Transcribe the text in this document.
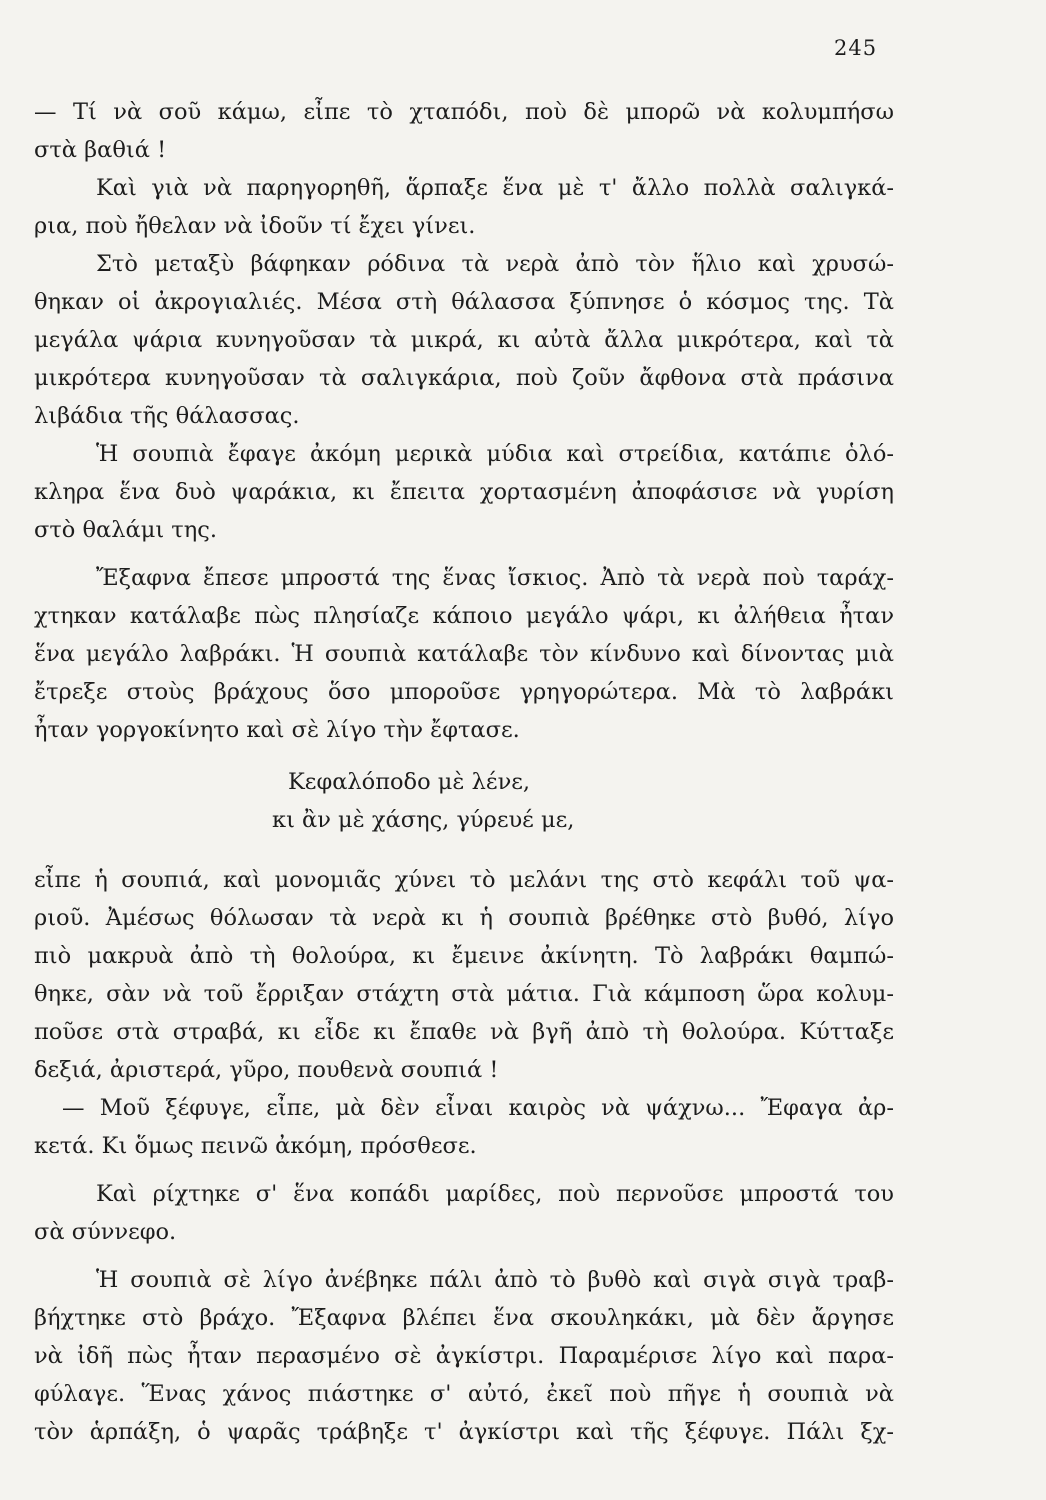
245
— Τί νὰ σοῦ κάμω, εἶπε τὸ χταπόδι, ποὺ δὲ μπορῶ νὰ κολυμπήσω
στὰ βαθιά !
Καὶ γιὰ νὰ παρηγορηθῆ, ἅρπαξε ἕνα μὲ τ' ἄλλο πολλὰ σαλιγκά-
ρια, ποὺ ἤθελαν νὰ ἰδοῦν τί ἔχει γίνει.
Στὸ μεταξὺ βάφηκαν ρόδινα τὰ νερὰ ἀπὸ τὸν ἥλιο καὶ χρυσώ-
θηκαν οἱ ἀκρογιαλιές. Μέσα στὴ θάλασσα ξύπνησε ὁ κόσμος της. Τὰ
μεγάλα ψάρια κυνηγοῦσαν τὰ μικρά, κι αὐτὰ ἄλλα μικρότερα, καὶ τὰ
μικρότερα κυνηγοῦσαν τὰ σαλιγκάρια, ποὺ ζοῦν ἄφθονα στὰ πράσινα
λιβάδια τῆς θάλασσας.
Ἡ σουπιὰ ἔφαγε ἀκόμη μερικὰ μύδια καὶ στρείδια, κατάπιε ὁλό-
κληρα ἕνα δυὸ ψαράκια, κι ἔπειτα χορτασμένη ἀποφάσισε νὰ γυρίση
στὸ θαλάμι της.
Ἔξαφνα ἔπεσε μπροστά της ἕνας ἴσκιος. Ἀπὸ τὰ νερὰ ποὺ ταράχ-
χτηκαν κατάλαβε πὼς πλησίαζε κάποιο μεγάλο ψάρι, κι ἀλήθεια ἦταν
ἕνα μεγάλο λαβράκι. Ἡ σουπιὰ κατάλαβε τὸν κίνδυνο καὶ δίνοντας μιὰ
ἔτρεξε στοὺς βράχους ὅσο μποροῦσε γρηγορώτερα. Μὰ τὸ λαβράκι
ἦταν γοργοκίνητο καὶ σὲ λίγο τὴν ἔφτασε.
Κεφαλόποδο μὲ λένε,
κι ἂν μὲ χάσης, γύρευέ με,
εἶπε ἡ σουπιά, καὶ μονομιᾶς χύνει τὸ μελάνι της στὸ κεφάλι τοῦ ψα-
ριοῦ. Ἀμέσως θόλωσαν τὰ νερὰ κι ἡ σουπιὰ βρέθηκε στὸ βυθό, λίγο
πιὸ μακρυὰ ἀπὸ τὴ θολούρα, κι ἔμεινε ἀκίνητη. Τὸ λαβράκι θαμπώ-
θηκε, σὰν νὰ τοῦ ἔρριξαν στάχτη στὰ μάτια. Γιὰ κάμποση ὥρα κολυμ-
ποῦσε στὰ στραβά, κι εἶδε κι ἔπαθε νὰ βγῆ ἀπὸ τὴ θολούρα. Κύτταξε
δεξιά, ἀριστερά, γῦρο, πουθενὰ σουπιά !
— Μοῦ ξέφυγε, εἶπε, μὰ δὲν εἶναι καιρὸς νὰ ψάχνω... Ἔφαγα ἀρ-
κετά. Κι ὅμως πεινῶ ἀκόμη, πρόσθεσε.
Καὶ ρίχτηκε σ' ἕνα κοπάδι μαρίδες, ποὺ περνοῦσε μπροστά του
σὰ σύννεφο.
Ἡ σουπιὰ σὲ λίγο ἀνέβηκε πάλι ἀπὸ τὸ βυθὸ καὶ σιγὰ σιγὰ τραβ-
βήχτηκε στὸ βράχο. Ἔξαφνα βλέπει ἕνα σκουληκάκι, μὰ δὲν ἄργησε
νὰ ἰδῆ πὼς ἦταν περασμένο σὲ ἀγκίστρι. Παραμέρισε λίγο καὶ παρα-
φύλαγε. Ἕνας χάνος πιάστηκε σ' αὐτό, ἐκεῖ ποὺ πῆγε ἡ σουπιὰ νὰ
τὸν ἁρπάξη, ὁ ψαρᾶς τράβηξε τ' ἀγκίστρι καὶ τῆς ξέφυγε. Πάλι ξχ-
